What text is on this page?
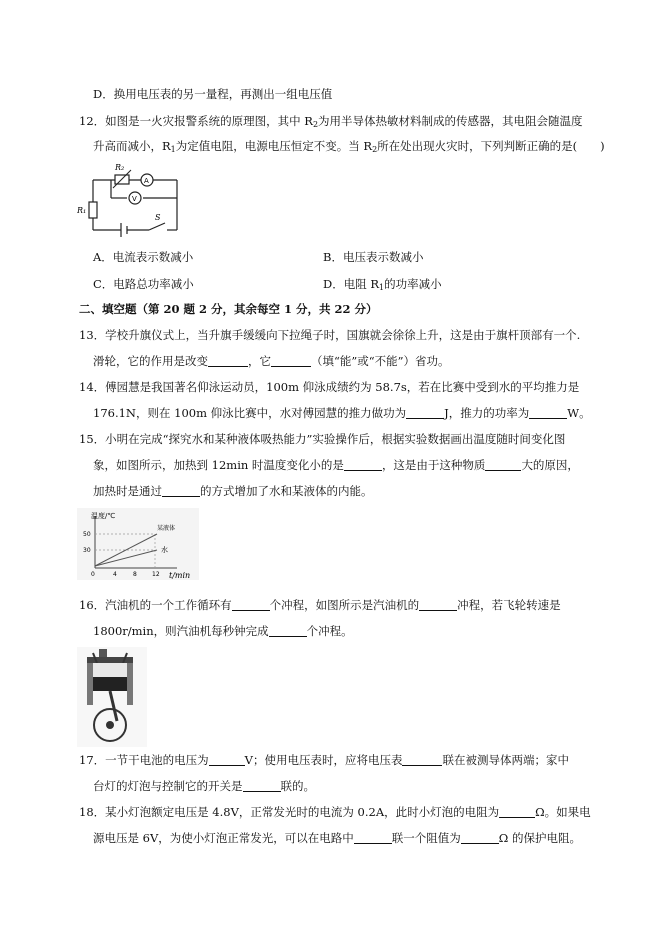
D．换用电压表的另一量程，再测出一组电压值
12．如图是一火灾报警系统的原理图，其中 $R_2$为用半导体热敏材料制成的传感器，其电阻会随温度
升高而减小，$R_1$为定值电阻，电源电压恒定不变。当 $R_2$所在处出现火灾时，下列判断正确的是(　　)
R₂
A
V
R₁
S
A．电流表示数减小	B．电压表示数减小
C．电路总功率减小	D．电阻 $R_1$的功率减小
二、填空题（第 20 题 2 分，其余每空 1 分，共 22 分）
13．学校升旗仪式上，当升旗手缓缓向下拉绳子时，国旗就会徐徐上升，这是由于旗杆顶部有一个.
滑轮，它的作用是改变	，它	（填“能”或“不能”）省功。
14．傅园慧是我国著名仰泳运动员，100m 仰泳成绩约为 58.7s，若在比赛中受到水的平均推力是
176.1N，则在 100m 仰泳比赛中，水对傅园慧的推力做功为	J，推力的功率为	W。
15．小明在完成“探究水和某种液体吸热能力”实验操作后，根据实验数据画出温度随时间变化图
象，如图所示，加热到 12min 时温度变化小的是	，这是由于这种物质	大的原因，
加热时是通过	的方式增加了水和某液体的内能。
温度/℃
50
30
0	4	8	12 t/min
某液体
水
16．汽油机的一个工作循环有	个冲程，如图所示是汽油机的	冲程，若飞轮转速是
1800r/min，则汽油机每秒钟完成	个冲程。
17．一节干电池的电压为	V；使用电压表时，应将电压表	联在被测导体两端；家中
台灯的灯泡与控制它的开关是	联的。
18．某小灯泡额定电压是 4.8V，正常发光时的电流为 0.2A，此时小灯泡的电阻为	Ω。如果电
源电压是 6V，为使小灯泡正常发光，可以在电路中	联一个阻值为	Ω 的保护电阻。
